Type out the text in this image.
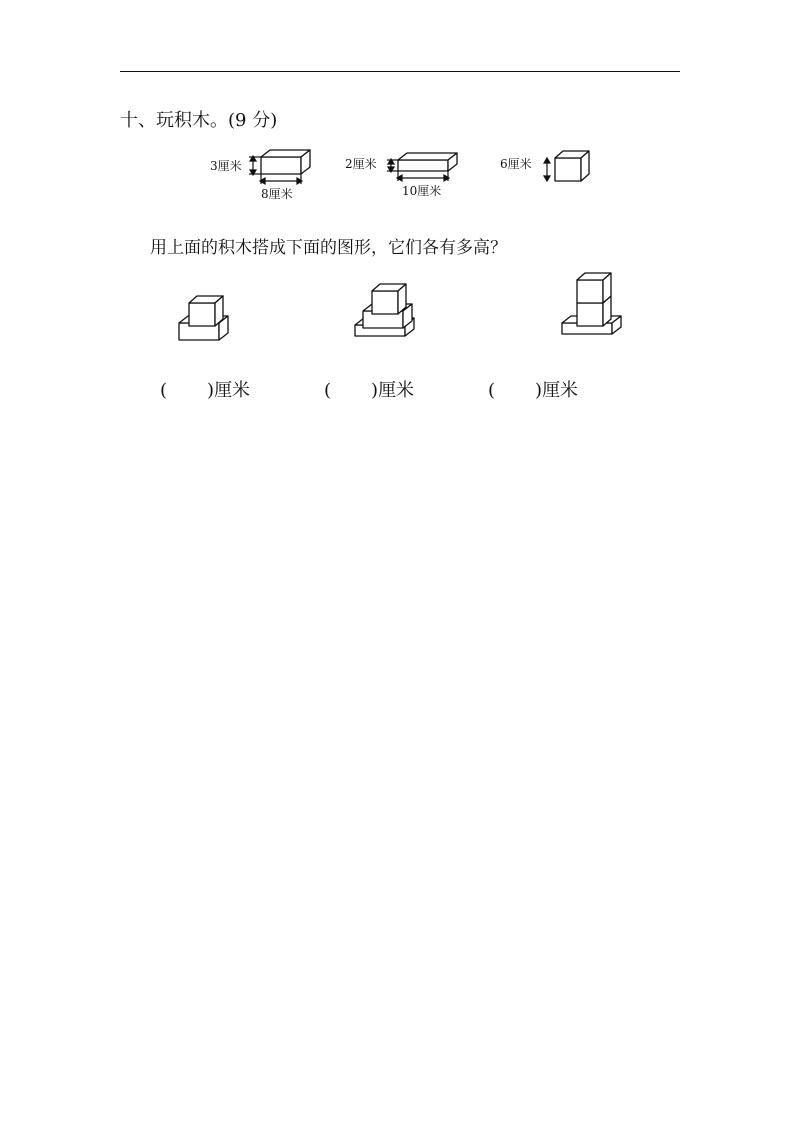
十、玩积木。(9 分)
3厘米
8厘米
2厘米
10厘米
6厘米
用上面的积木搭成下面的图形，它们各有多高？
( )厘米	( )厘米	( )厘米
